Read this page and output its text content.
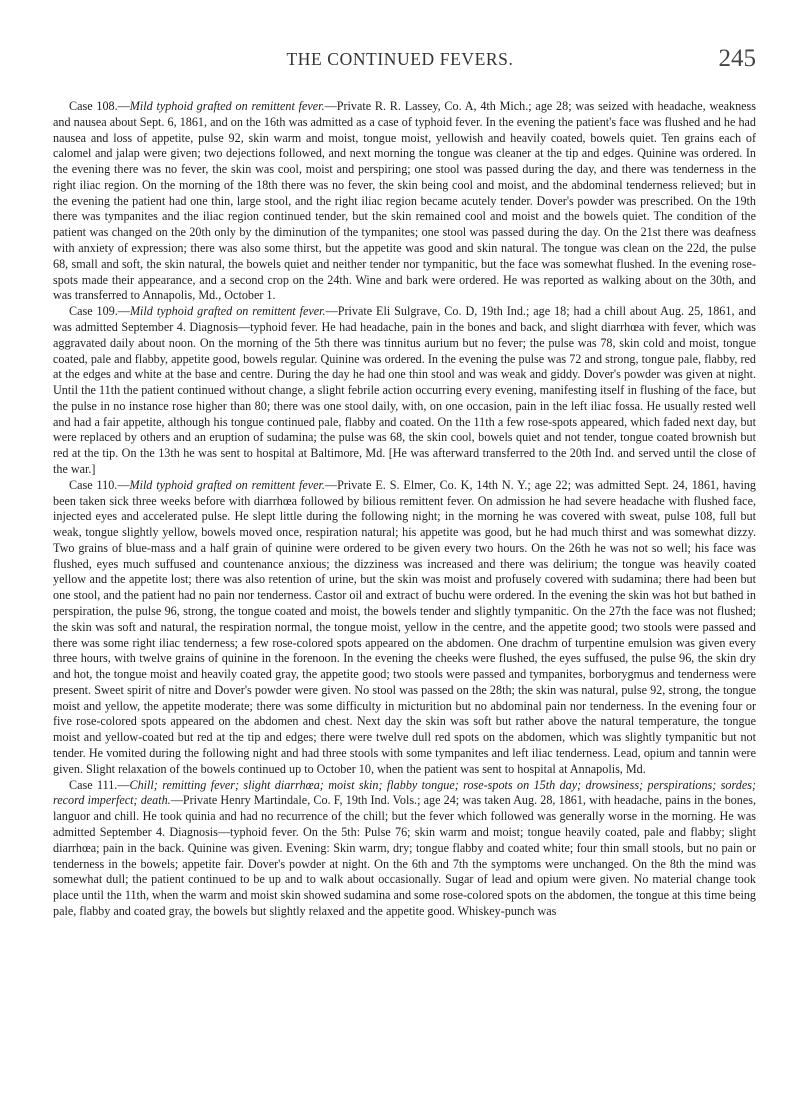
THE CONTINUED FEVERS.	245

Case 108.—Mild typhoid grafted on remittent fever.—Private R. R. Lassey, Co. A, 4th Mich.; age 28; was seized with headache, weakness and nausea about Sept. 6, 1861, and on the 16th was admitted as a case of typhoid fever. In the evening the patient's face was flushed and he had nausea and loss of appetite, pulse 92, skin warm and moist, tongue moist, yellowish and heavily coated, bowels quiet. Ten grains each of calomel and jalap were given; two dejections followed, and next morning the tongue was cleaner at the tip and edges. Quinine was ordered. In the evening there was no fever, the skin was cool, moist and perspiring; one stool was passed during the day, and there was tenderness in the right iliac region. On the morning of the 18th there was no fever, the skin being cool and moist, and the abdominal tenderness relieved; but in the evening the patient had one thin, large stool, and the right iliac region became acutely tender. Dover's powder was prescribed. On the 19th there was tympanites and the iliac region continued tender, but the skin remained cool and moist and the bowels quiet. The condition of the patient was changed on the 20th only by the diminution of the tympanites; one stool was passed during the day. On the 21st there was deafness with anxiety of expression; there was also some thirst, but the appetite was good and skin natural. The tongue was clean on the 22d, the pulse 68, small and soft, the skin natural, the bowels quiet and neither tender nor tympanitic, but the face was somewhat flushed. In the evening rose-spots made their appearance, and a second crop on the 24th. Wine and bark were ordered. He was reported as walking about on the 30th, and was transferred to Annapolis, Md., October 1.

Case 109.—Mild typhoid grafted on remittent fever.—Private Eli Sulgrave, Co. D, 19th Ind.; age 18; had a chill about Aug. 25, 1861, and was admitted September 4. Diagnosis—typhoid fever. He had headache, pain in the bones and back, and slight diarrhœa with fever, which was aggravated daily about noon. On the morning of the 5th there was tinnitus aurium but no fever; the pulse was 78, skin cold and moist, tongue coated, pale and flabby, appetite good, bowels regular. Quinine was ordered. In the evening the pulse was 72 and strong, tongue pale, flabby, red at the edges and white at the base and centre. During the day he had one thin stool and was weak and giddy. Dover's powder was given at night. Until the 11th the patient continued without change, a slight febrile action occurring every evening, manifesting itself in flushing of the face, but the pulse in no instance rose higher than 80; there was one stool daily, with, on one occasion, pain in the left iliac fossa. He usually rested well and had a fair appetite, although his tongue continued pale, flabby and coated. On the 11th a few rose-spots appeared, which faded next day, but were replaced by others and an eruption of sudamina; the pulse was 68, the skin cool, bowels quiet and not tender, tongue coated brownish but red at the tip. On the 13th he was sent to hospital at Baltimore, Md. [He was afterward transferred to the 20th Ind. and served until the close of the war.]

Case 110.—Mild typhoid grafted on remittent fever.—Private E. S. Elmer, Co. K, 14th N. Y.; age 22; was admitted Sept. 24, 1861, having been taken sick three weeks before with diarrhœa followed by bilious remittent fever. On admission he had severe headache with flushed face, injected eyes and accelerated pulse. He slept little during the following night; in the morning he was covered with sweat, pulse 108, full but weak, tongue slightly yellow, bowels moved once, respiration natural; his appetite was good, but he had much thirst and was somewhat dizzy. Two grains of blue-mass and a half grain of quinine were ordered to be given every two hours. On the 26th he was not so well; his face was flushed, eyes much suffused and countenance anxious; the dizziness was increased and there was delirium; the tongue was heavily coated yellow and the appetite lost; there was also retention of urine, but the skin was moist and profusely covered with sudamina; there had been but one stool, and the patient had no pain nor tenderness. Castor oil and extract of buchu were ordered. In the evening the skin was hot but bathed in perspiration, the pulse 96, strong, the tongue coated and moist, the bowels tender and slightly tympanitic. On the 27th the face was not flushed; the skin was soft and natural, the respiration normal, the tongue moist, yellow in the centre, and the appetite good; two stools were passed and there was some right iliac tenderness; a few rose-colored spots appeared on the abdomen. One drachm of turpentine emulsion was given every three hours, with twelve grains of quinine in the forenoon. In the evening the cheeks were flushed, the eyes suffused, the pulse 96, the skin dry and hot, the tongue moist and heavily coated gray, the appetite good; two stools were passed and tympanites, borborygmus and tenderness were present. Sweet spirit of nitre and Dover's powder were given. No stool was passed on the 28th; the skin was natural, pulse 92, strong, the tongue moist and yellow, the appetite moderate; there was some difficulty in micturition but no abdominal pain nor tenderness. In the evening four or five rose-colored spots appeared on the abdomen and chest. Next day the skin was soft but rather above the natural temperature, the tongue moist and yellow-coated but red at the tip and edges; there were twelve dull red spots on the abdomen, which was slightly tympanitic but not tender. He vomited during the following night and had three stools with some tympanites and left iliac tenderness. Lead, opium and tannin were given. Slight relaxation of the bowels continued up to October 10, when the patient was sent to hospital at Annapolis, Md.

Case 111.—Chill; remitting fever; slight diarrhœa; moist skin; flabby tongue; rose-spots on 15th day; drowsiness; perspirations; sordes; record imperfect; death.—Private Henry Martindale, Co. F, 19th Ind. Vols.; age 24; was taken Aug. 28, 1861, with headache, pains in the bones, languor and chill. He took quinia and had no recurrence of the chill; but the fever which followed was generally worse in the morning. He was admitted September 4. Diagnosis—typhoid fever. On the 5th: Pulse 76; skin warm and moist; tongue heavily coated, pale and flabby; slight diarrhœa; pain in the back. Quinine was given. Evening: Skin warm, dry; tongue flabby and coated white; four thin small stools, but no pain or tenderness in the bowels; appetite fair. Dover's powder at night. On the 6th and 7th the symptoms were unchanged. On the 8th the mind was somewhat dull; the patient continued to be up and to walk about occasionally. Sugar of lead and opium were given. No material change took place until the 11th, when the warm and moist skin showed sudamina and some rose-colored spots on the abdomen, the tongue at this time being pale, flabby and coated gray, the bowels but slightly relaxed and the appetite good. Whiskey-punch was
